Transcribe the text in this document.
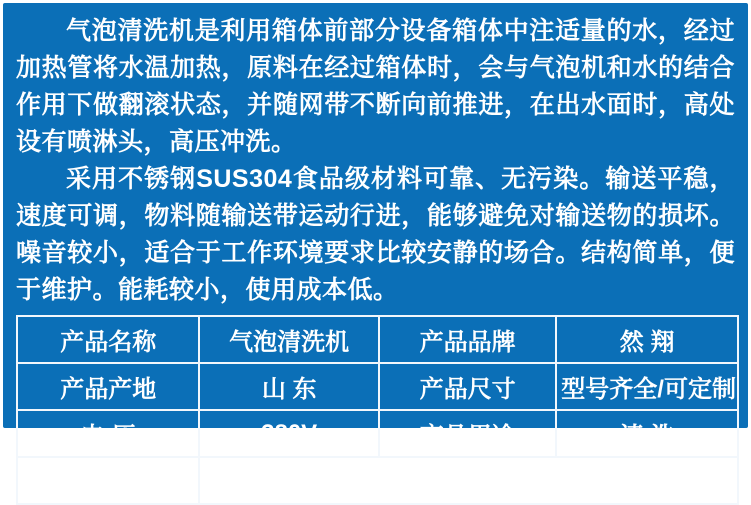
气泡清洗机是利用箱体前部分设备箱体中注适量的水，经过加热管将水温加热，原料在经过箱体时，会与气泡机和水的结合作用下做翻滚状态，并随网带不断向前推进，在出水面时，高处设有喷淋头，高压冲洗。

采用不锈钢SUS304食品级材料可靠、无污染。输送平稳，速度可调，物料随输送带运动行进，能够避免对输送物的损坏。噪音较小，适合于工作环境要求比较安静的场合。结构简单，便于维护。能耗较小，使用成本低。

产品名称	气泡清洗机	产品品牌	然 翔
产品产地	山 东	产品尺寸	型号齐全/可定制
电 压	380V	产品用途	清 洗
适用范围	适用于肉类、海鲜、蔬菜、水果、包装袋等		
